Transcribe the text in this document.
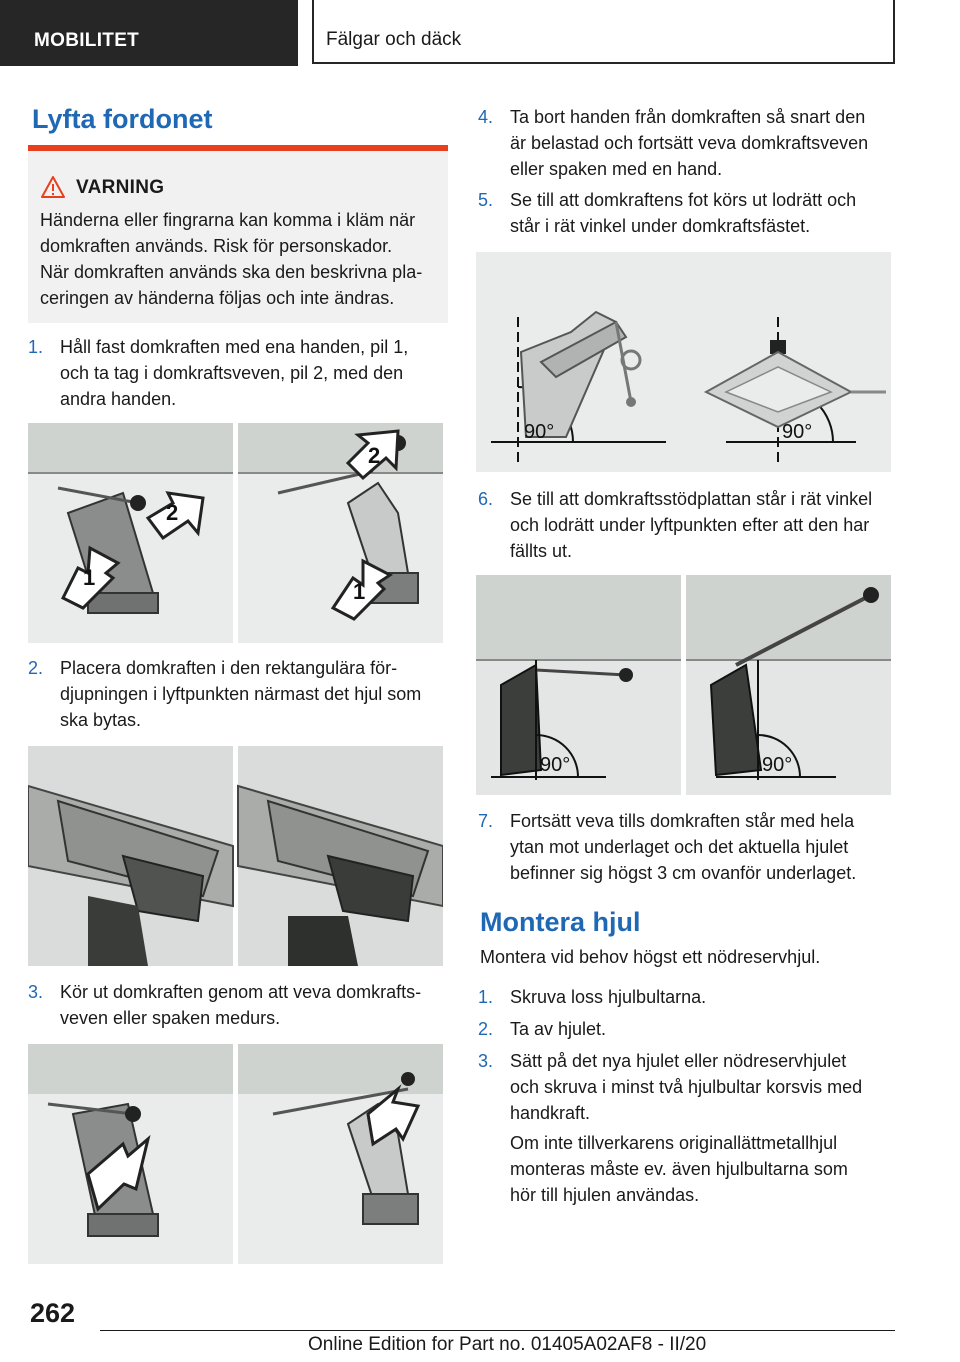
MOBILITET	Fälgar och däck
Lyfta fordonet
VARNING
Händerna eller fingrarna kan komma i kläm när
domkraften används. Risk för personskador.
När domkraften används ska den beskrivna pla-
ceringen av händerna följas och inte ändras.
1. Håll fast domkraften med ena handen, pil 1,
och ta tag i domkraftsveven, pil 2, med den
andra handen.
2
1
2
1
2. Placera domkraften i den rektangulära för-
djupningen i lyftpunkten närmast det hjul som
ska bytas.
3. Kör ut domkraften genom att veva domkrafts-
veven eller spaken medurs.
4. Ta bort handen från domkraften så snart den
är belastad och fortsätt veva domkraftsveven
eller spaken med en hand.
5. Se till att domkraftens fot körs ut lodrätt och
står i rät vinkel under domkraftsfästet.
90°	90°
6. Se till att domkraftsstödplattan står i rät vinkel
och lodrätt under lyftpunkten efter att den har
fällts ut.
90°	90°
7. Fortsätt veva tills domkraften står med hela
ytan mot underlaget och det aktuella hjulet
befinner sig högst 3 cm ovanför underlaget.
Montera hjul
Montera vid behov högst ett nödreservhjul.
1. Skruva loss hjulbultarna.
2. Ta av hjulet.
3. Sätt på det nya hjulet eller nödreservhjulet
och skruva i minst två hjulbultar korsvis med
handkraft.
Om inte tillverkarens originallättmetallhjul
monteras måste ev. även hjulbultarna som
hör till hjulen användas.
262
Online Edition for Part no. 01405A02AF8 - II/20
